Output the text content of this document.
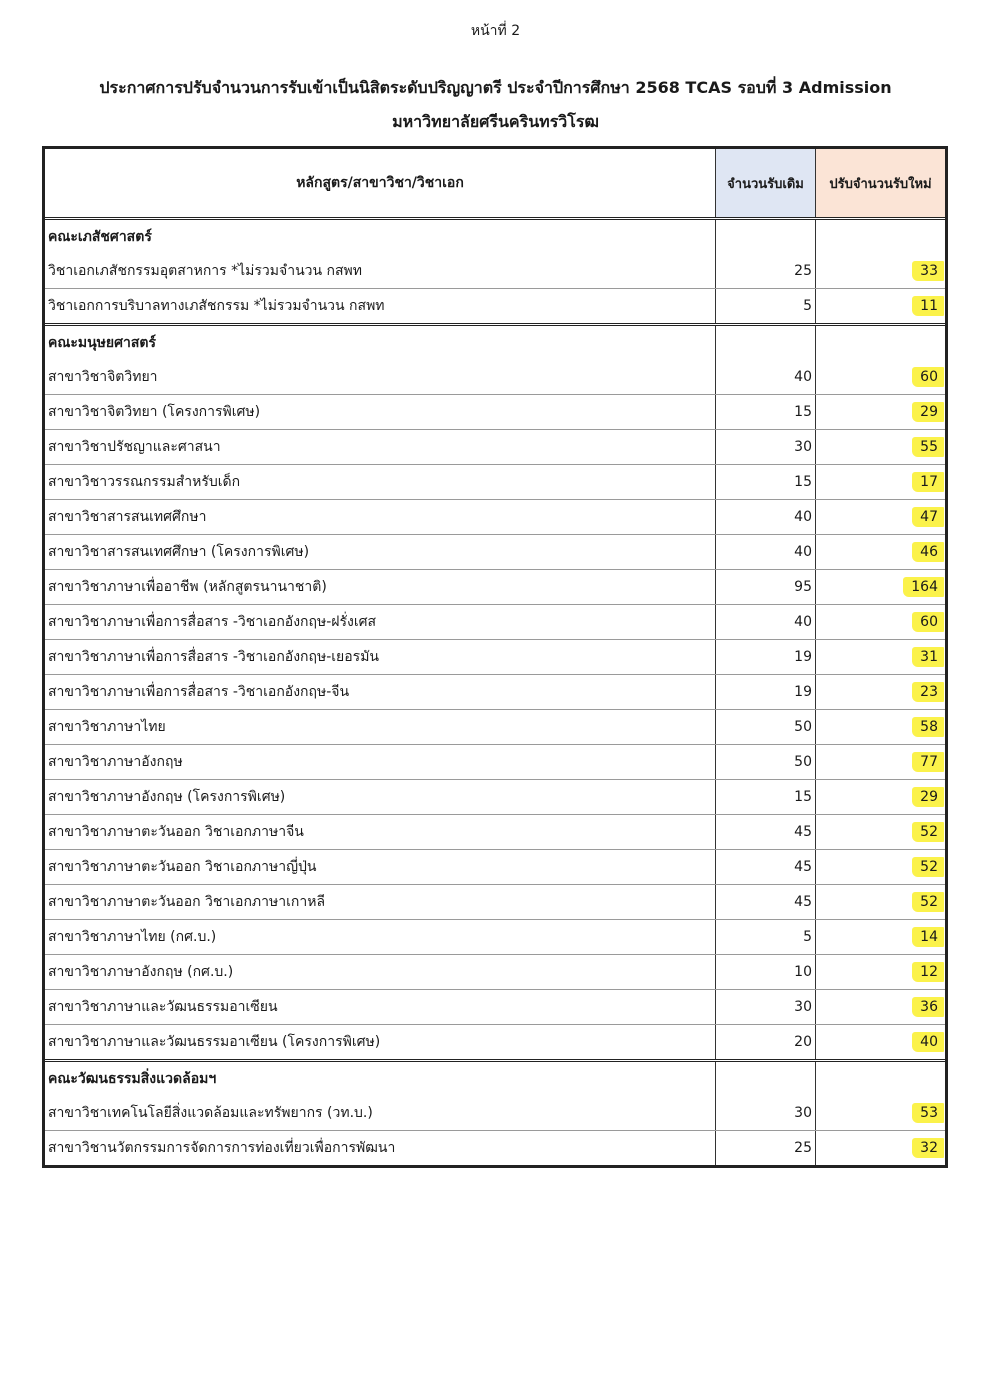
หน้าที่ 2
ประกาศการปรับจำนวนการรับเข้าเป็นนิสิตระดับปริญญาตรี ประจำปีการศึกษา 2568 TCAS รอบที่ 3 Admission
มหาวิทยาลัยศรีนครินทรวิโรฒ
หลักสูตร/สาขาวิชา/วิชาเอก	จำนวนรับเดิม	ปรับจำนวนรับใหม่
คณะเภสัชศาสตร์
วิชาเอกเภสัชกรรมอุตสาหการ *ไม่รวมจำนวน กสพท	25	33
วิชาเอกการบริบาลทางเภสัชกรรม *ไม่รวมจำนวน กสพท	5	11
คณะมนุษยศาสตร์
สาขาวิชาจิตวิทยา	40	60
สาขาวิชาจิตวิทยา (โครงการพิเศษ)	15	29
สาขาวิชาปรัชญาและศาสนา	30	55
สาขาวิชาวรรณกรรมสำหรับเด็ก	15	17
สาขาวิชาสารสนเทศศึกษา	40	47
สาขาวิชาสารสนเทศศึกษา (โครงการพิเศษ)	40	46
สาขาวิชาภาษาเพื่ออาชีพ (หลักสูตรนานาชาติ)	95	164
สาขาวิชาภาษาเพื่อการสื่อสาร -วิชาเอกอังกฤษ-ฝรั่งเศส	40	60
สาขาวิชาภาษาเพื่อการสื่อสาร -วิชาเอกอังกฤษ-เยอรมัน	19	31
สาขาวิชาภาษาเพื่อการสื่อสาร -วิชาเอกอังกฤษ-จีน	19	23
สาขาวิชาภาษาไทย	50	58
สาขาวิชาภาษาอังกฤษ	50	77
สาขาวิชาภาษาอังกฤษ (โครงการพิเศษ)	15	29
สาขาวิชาภาษาตะวันออก วิชาเอกภาษาจีน	45	52
สาขาวิชาภาษาตะวันออก วิชาเอกภาษาญี่ปุ่น	45	52
สาขาวิชาภาษาตะวันออก วิชาเอกภาษาเกาหลี	45	52
สาขาวิชาภาษาไทย (กศ.บ.)	5	14
สาขาวิชาภาษาอังกฤษ (กศ.บ.)	10	12
สาขาวิชาภาษาและวัฒนธรรมอาเซียน	30	36
สาขาวิชาภาษาและวัฒนธรรมอาเซียน (โครงการพิเศษ)	20	40
คณะวัฒนธรรมสิ่งแวดล้อมฯ
สาขาวิชาเทคโนโลยีสิ่งแวดล้อมและทรัพยากร (วท.บ.)	30	53
สาขาวิชานวัตกรรมการจัดการการท่องเที่ยวเพื่อการพัฒนา	25	32
